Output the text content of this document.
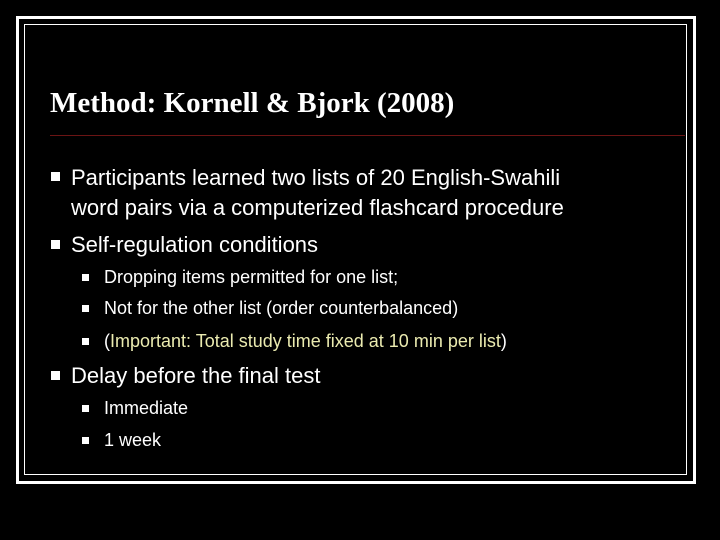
Method: Kornell & Bjork (2008)
Participants learned two lists of 20 English-Swahili
word pairs via a computerized flashcard procedure
Self-regulation conditions
Dropping items permitted for one list;
Not for the other list (order counterbalanced)
(Important: Total study time fixed at 10 min per list)
Delay before the final test
Immediate
1 week
